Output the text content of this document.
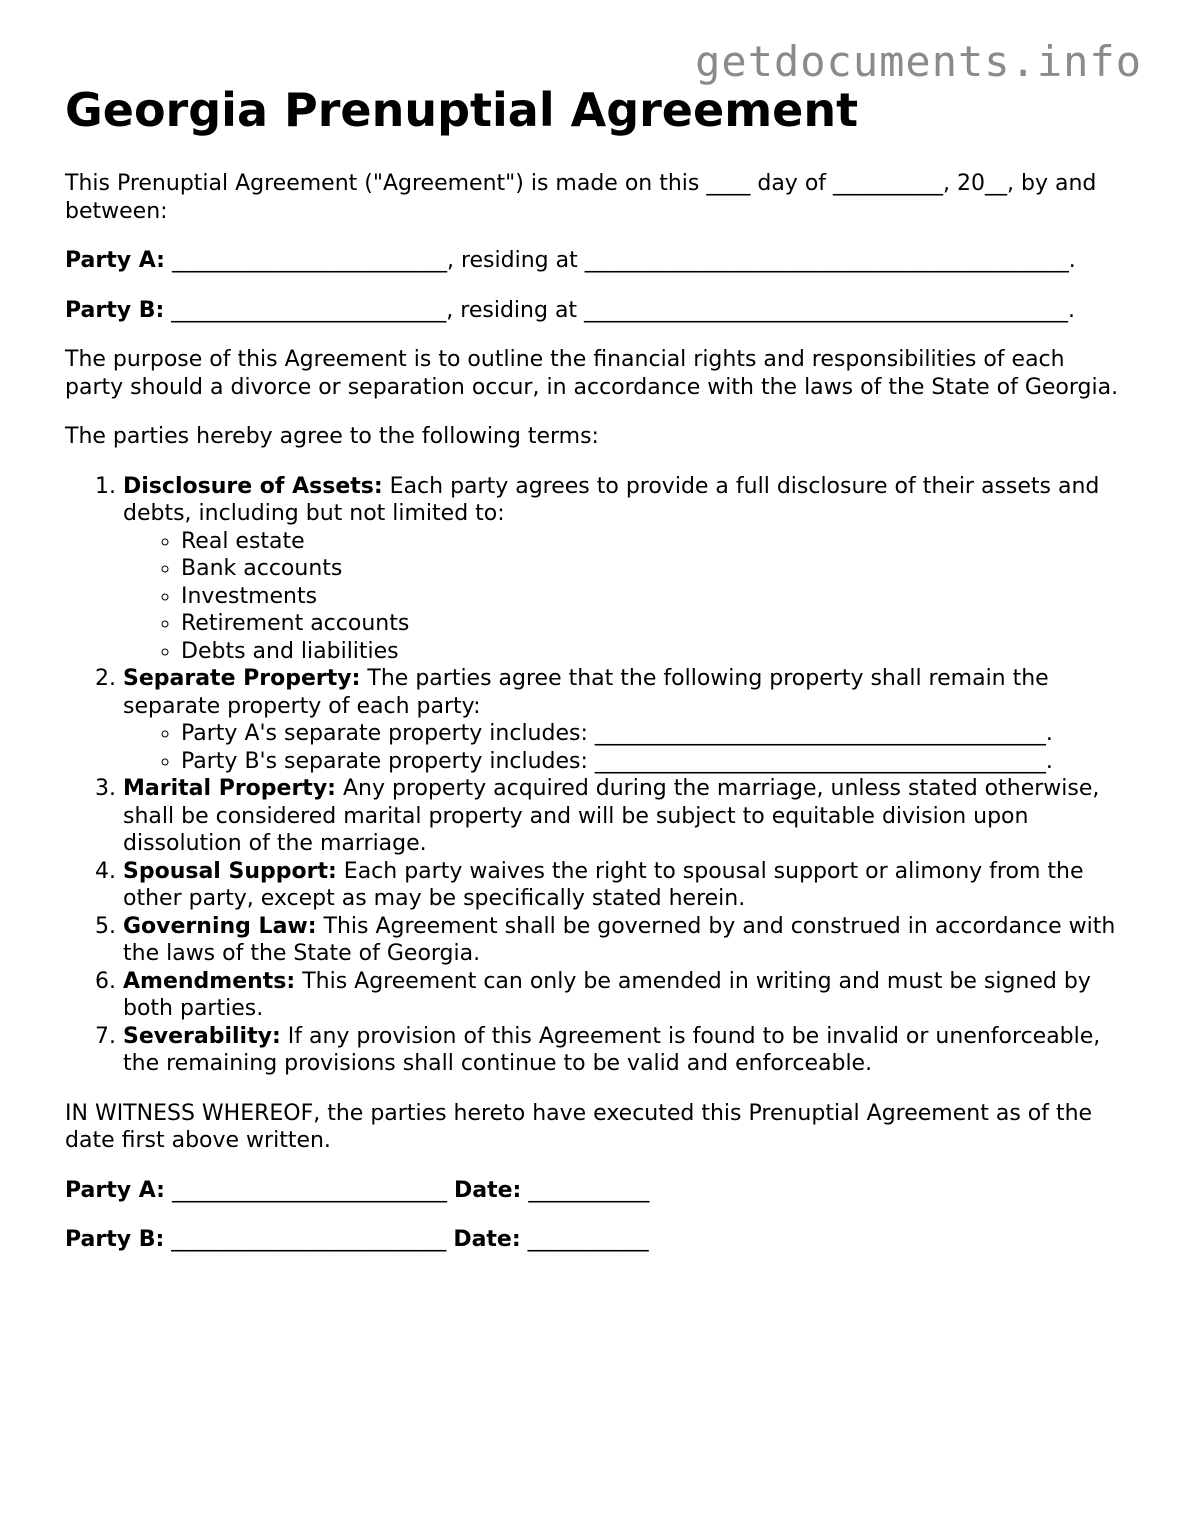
getdocuments.info
Georgia Prenuptial Agreement

This Prenuptial Agreement ("Agreement") is made on this ____ day of __________, 20__, by and between:

Party A: _________________________, residing at ____________________________________________.

Party B: _________________________, residing at ____________________________________________.

The purpose of this Agreement is to outline the financial rights and responsibilities of each party should a divorce or separation occur, in accordance with the laws of the State of Georgia.

The parties hereby agree to the following terms:

1. Disclosure of Assets: Each party agrees to provide a full disclosure of their assets and debts, including but not limited to:
◦ Real estate
◦ Bank accounts
◦ Investments
◦ Retirement accounts
◦ Debts and liabilities
2. Separate Property: The parties agree that the following property shall remain the separate property of each party:
◦ Party A's separate property includes: _________________________________________.
◦ Party B's separate property includes: _________________________________________.
3. Marital Property: Any property acquired during the marriage, unless stated otherwise, shall be considered marital property and will be subject to equitable division upon dissolution of the marriage.
4. Spousal Support: Each party waives the right to spousal support or alimony from the other party, except as may be specifically stated herein.
5. Governing Law: This Agreement shall be governed by and construed in accordance with the laws of the State of Georgia.
6. Amendments: This Agreement can only be amended in writing and must be signed by both parties.
7. Severability: If any provision of this Agreement is found to be invalid or unenforceable, the remaining provisions shall continue to be valid and enforceable.

IN WITNESS WHEREOF, the parties hereto have executed this Prenuptial Agreement as of the date first above written.

Party A: _________________________ Date: ___________

Party B: _________________________ Date: ___________
